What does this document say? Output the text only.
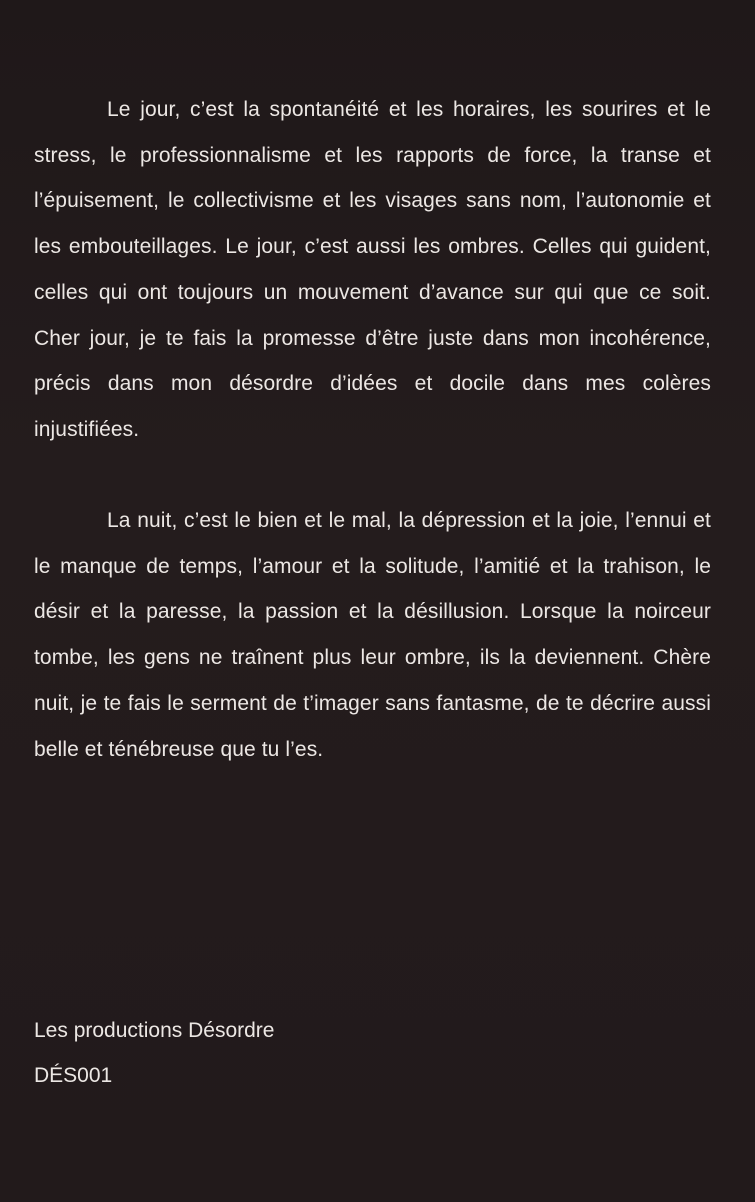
Le jour, c’est la spontanéité et les horaires, les sourires et le stress, le professionnalisme et les rapports de force, la transe et l’épuisement, le collectivisme et les visages sans nom, l’autonomie et les embouteillages. Le jour, c’est aussi les ombres. Celles qui guident, celles qui ont toujours un mouvement d’avance sur qui que ce soit. Cher jour, je te fais la promesse d’être juste dans mon incohérence, précis dans mon désordre d’idées et docile dans mes colères injustifiées.

La nuit, c’est le bien et le mal, la dépression et la joie, l’ennui et le manque de temps, l’amour et la solitude, l’amitié et la trahison, le désir et la paresse, la passion et la désillusion. Lorsque la noirceur tombe, les gens ne traînent plus leur ombre, ils la deviennent. Chère nuit, je te fais le serment de t’imager sans fantasme, de te décrire aussi belle et ténébreuse que tu l’es.

Les productions Désordre

DÉS001
